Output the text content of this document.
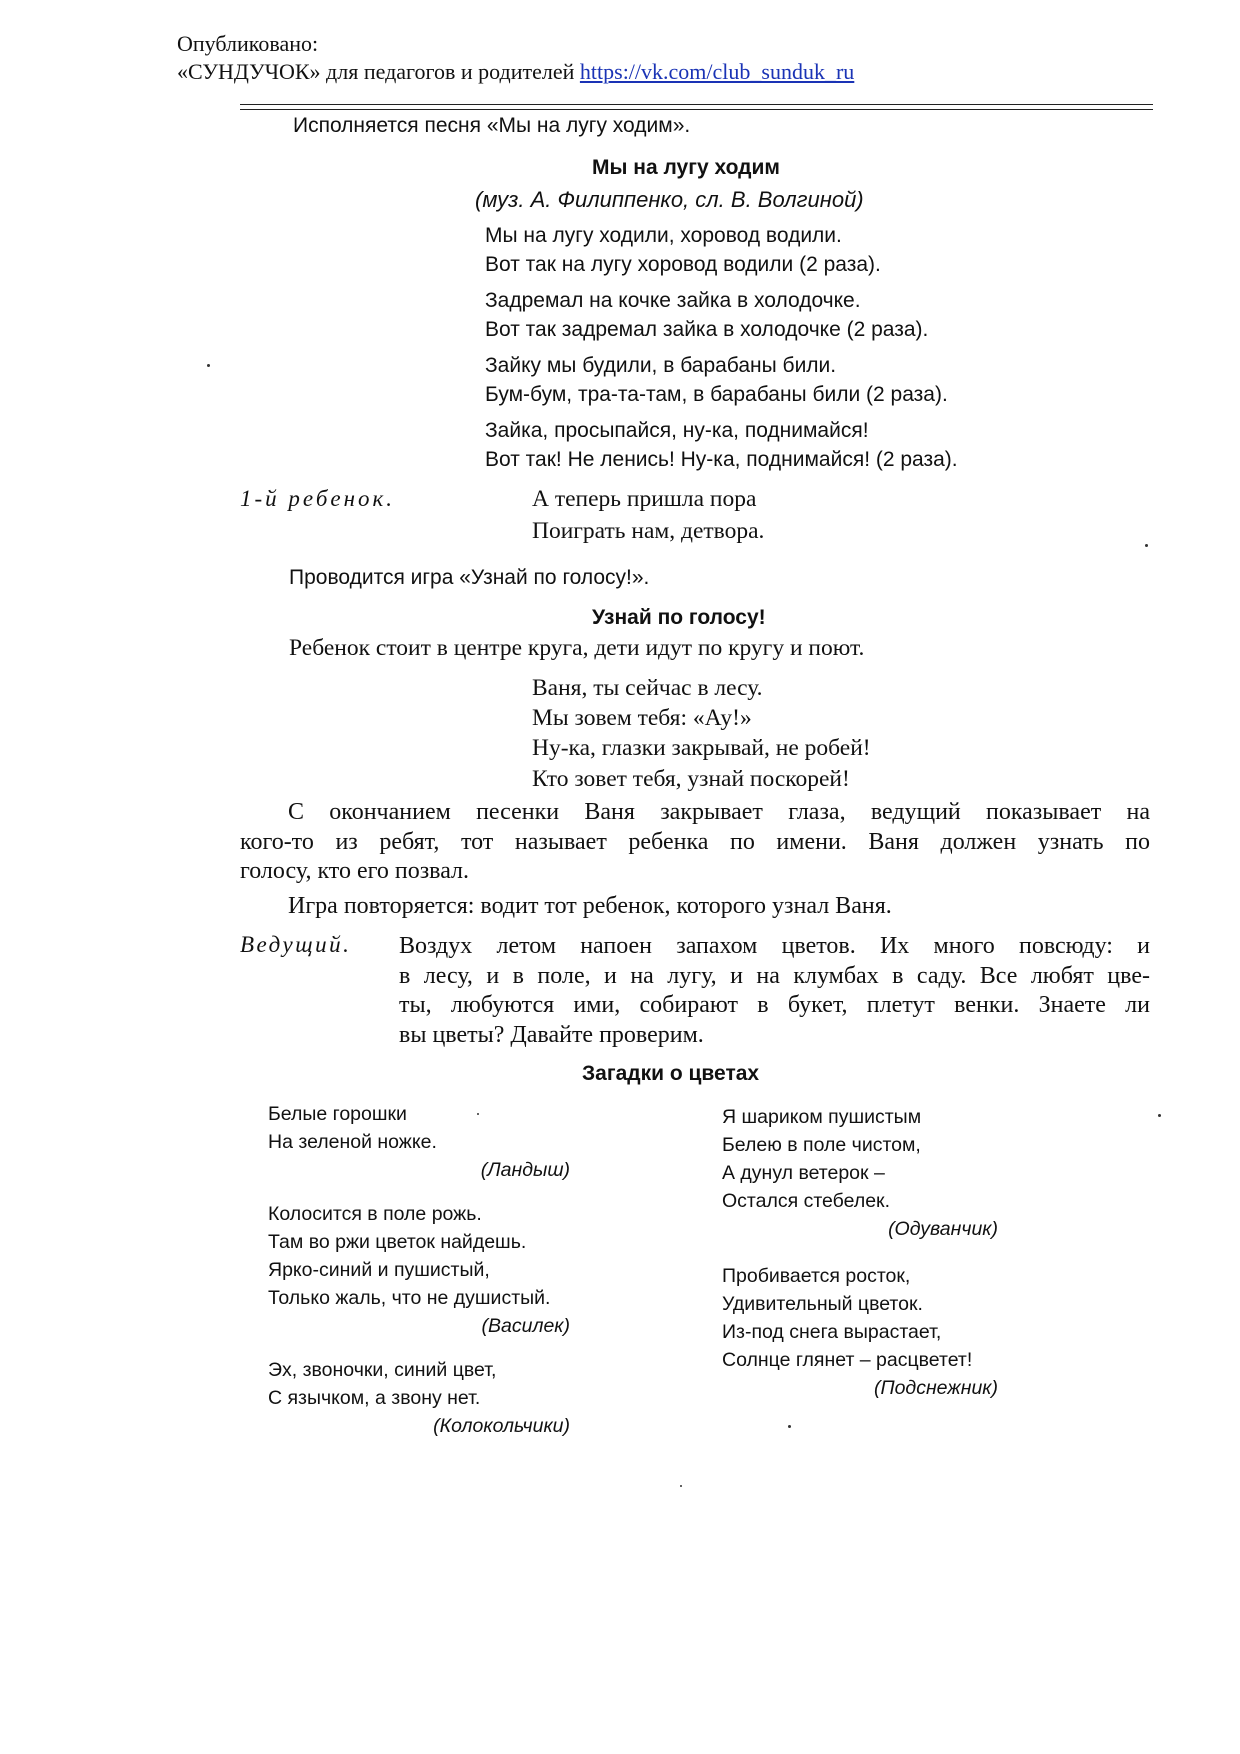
Опубликовано:
«СУНДУЧОК» для педагогов и родителей https://vk.com/club_sunduk_ru
Исполняется песня «Мы на лугу ходим».
Мы на лугу ходим
(муз. А. Филиппенко, сл. В. Волгиной)
Мы на лугу ходили, хоровод водили.
Вот так на лугу хоровод водили (2 раза).
Задремал на кочке зайка в холодочке.
Вот так задремал зайка в холодочке (2 раза).
Зайку мы будили, в барабаны били.
Бум-бум, тра-та-там, в барабаны били (2 раза).
Зайка, просыпайся, ну-ка, поднимайся!
Вот так! Не ленись! Ну-ка, поднимайся! (2 раза).
1-й ребенок.	А теперь пришла пора
Поиграть нам, детвора.
Проводится игра «Узнай по голосу!».
Узнай по голосу!
Ребенок стоит в центре круга, дети идут по кругу и поют.
Ваня, ты сейчас в лесу.
Мы зовем тебя: «Ау!»
Ну-ка, глазки закрывай, не робей!
Кто зовет тебя, узнай поскорей!
С окончанием песенки Ваня закрывает глаза, ведущий показывает на
кого-то из ребят, тот называет ребенка по имени. Ваня должен узнать по
голосу, кто его позвал.
Игра повторяется: водит тот ребенок, которого узнал Ваня.
Ведущий. Воздух летом напоен запахом цветов. Их много повсюду: и
в лесу, и в поле, и на лугу, и на клумбах в саду. Все любят цве-
ты, любуются ими, собирают в букет, плетут венки. Знаете ли
вы цветы? Давайте проверим.
Загадки о цветах
Белые горошки
На зеленой ножке.
(Ландыш)
Колосится в поле рожь.
Там во ржи цветок найдешь.
Ярко-синий и пушистый,
Только жаль, что не душистый.
(Василек)
Эх, звоночки, синий цвет,
С язычком, а звону нет.
(Колокольчики)
Я шариком пушистым
Белею в поле чистом,
А дунул ветерок –
Остался стебелек.
(Одуванчик)
Пробивается росток,
Удивительный цветок.
Из-под снега вырастает,
Солнце глянет – расцветет!
(Подснежник)
